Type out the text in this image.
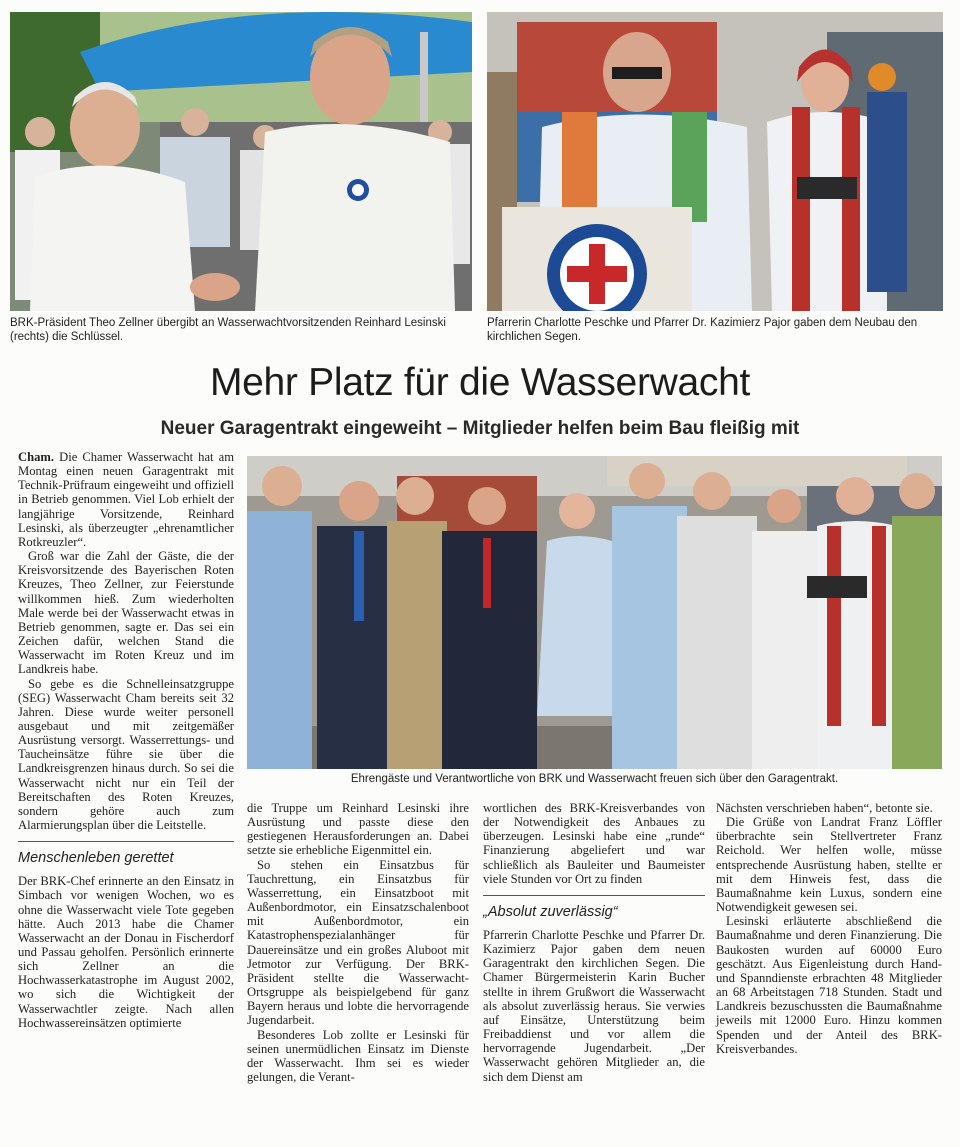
BRK-Präsident Theo Zellner übergibt an Wasserwachtvorsitzenden Reinhard Lesinski (rechts) die Schlüssel.
Pfarrerin Charlotte Peschke und Pfarrer Dr. Kazimierz Pajor gaben dem Neubau den kirchlichen Segen.
Mehr Platz für die Wasserwacht
Neuer Garagentrakt eingeweiht – Mitglieder helfen beim Bau fleißig mit
Ehrengäste und Verantwortliche von BRK und Wasserwacht freuen sich über den Garagentrakt.

Cham. Die Chamer Wasserwacht hat am Montag einen neuen Garagentrakt mit Technik-Prüfraum eingeweiht und offiziell in Betrieb genommen. Viel Lob erhielt der langjährige Vorsitzende, Reinhard Lesinski, als überzeugter „ehrenamtlicher Rotkreuzler“.

Groß war die Zahl der Gäste, die der Kreisvorsitzende des Bayerischen Roten Kreuzes, Theo Zellner, zur Feierstunde willkommen hieß. Zum wiederholten Male werde bei der Wasserwacht etwas in Betrieb genommen, sagte er. Das sei ein Zeichen dafür, welchen Stand die Wasserwacht im Roten Kreuz und im Landkreis habe.

So gebe es die Schnelleinsatzgruppe (SEG) Wasserwacht Cham bereits seit 32 Jahren. Diese wurde weiter personell ausgebaut und mit zeitgemäßer Ausrüstung versorgt. Wasserrettungs- und Taucheinsätze führe sie über die Landkreisgrenzen hinaus durch. So sei die Wasserwacht nicht nur ein Teil der Bereitschaften des Roten Kreuzes, sondern gehöre auch zum Alarmierungsplan über die Leitstelle.

Menschenleben gerettet

Der BRK-Chef erinnerte an den Einsatz in Simbach vor wenigen Wochen, wo es ohne die Wasserwacht viele Tote gegeben hätte. Auch 2013 habe die Chamer Wasserwacht an der Donau in Fischerdorf und Passau geholfen. Persönlich erinnerte sich Zellner an die Hochwasserkatastrophe im August 2002, wo sich die Wichtigkeit der Wasserwachtler zeigte. Nach allen Hochwassereinsätzen optimierte

die Truppe um Reinhard Lesinski ihre Ausrüstung und passte diese den gestiegenen Herausforderungen an. Dabei setzte sie erhebliche Eigenmittel ein.

So stehen ein Einsatzbus für Tauchrettung, ein Einsatzbus für Wasserrettung, ein Einsatzboot mit Außenbordmotor, ein Einsatzschalenboot mit Außenbordmotor, ein Katastrophenspezialanhänger für Dauereinsätze und ein großes Aluboot mit Jetmotor zur Verfügung. Der BRK-Präsident stellte die Wasserwacht-Ortsgruppe als beispielgebend für ganz Bayern heraus und lobte die hervorragende Jugendarbeit.

Besonderes Lob zollte er Lesinski für seinen unermüdlichen Einsatz im Dienste der Wasserwacht. Ihm sei es wieder gelungen, die Verant-

wortlichen des BRK-Kreisverbandes von der Notwendigkeit des Anbaues zu überzeugen. Lesinski habe eine „runde“ Finanzierung abgeliefert und war schließlich als Bauleiter und Baumeister viele Stunden vor Ort zu finden

„Absolut zuverlässig“

Pfarrerin Charlotte Peschke und Pfarrer Dr. Kazimierz Pajor gaben dem neuen Garagentrakt den kirchlichen Segen. Die Chamer Bürgermeisterin Karin Bucher stellte in ihrem Grußwort die Wasserwacht als absolut zuverlässig heraus. Sie verwies auf Einsätze, Unterstützung beim Freibaddienst und vor allem die hervorragende Jugendarbeit. „Der Wasserwacht gehören Mitglieder an, die sich dem Dienst am

Nächsten verschrieben haben“, betonte sie.

Die Grüße von Landrat Franz Löffler überbrachte sein Stellvertreter Franz Reichold. Wer helfen wolle, müsse entsprechende Ausrüstung haben, stellte er mit dem Hinweis fest, dass die Baumaßnahme kein Luxus, sondern eine Notwendigkeit gewesen sei.

Lesinski erläuterte abschließend die Baumaßnahme und deren Finanzierung. Die Baukosten wurden auf 60000 Euro geschätzt. Aus Eigenleistung durch Hand- und Spanndienste erbrachten 48 Mitglieder an 68 Arbeitstagen 718 Stunden. Stadt und Landkreis bezuschussten die Baumaßnahme jeweils mit 12000 Euro. Hinzu kommen Spenden und der Anteil des BRK-Kreisverbandes.
